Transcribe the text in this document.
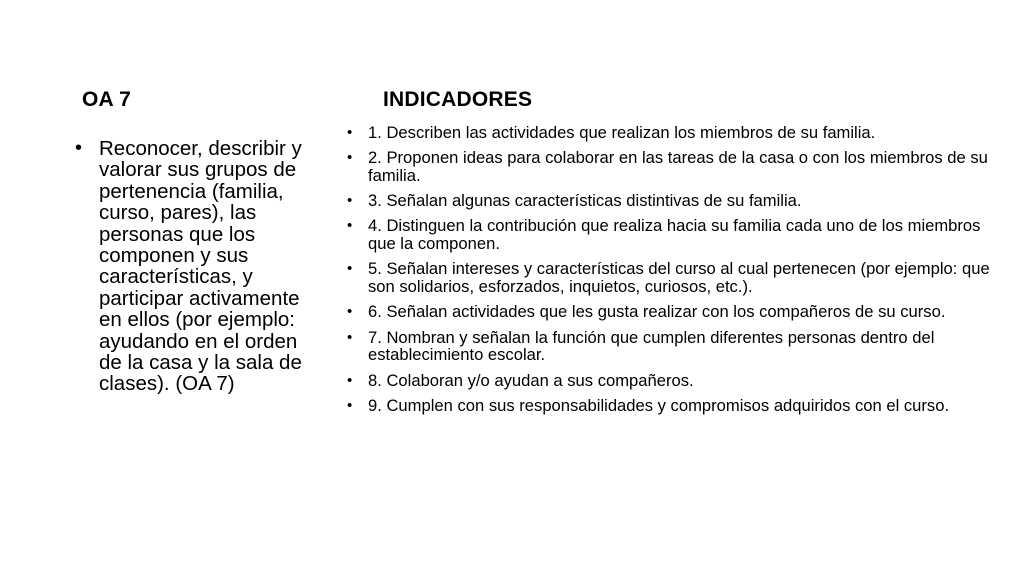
OA 7	INDICADORES
• Reconocer, describir y valorar sus grupos de pertenencia (familia, curso, pares), las personas que los componen y sus características, y participar activamente en ellos (por ejemplo: ayudando en el orden de la casa y la sala de clases). (OA 7)
• 1. Describen las actividades que realizan los miembros de su familia.
• 2. Proponen ideas para colaborar en las tareas de la casa o con los miembros de su familia.
• 3. Señalan algunas características distintivas de su familia.
• 4. Distinguen la contribución que realiza hacia su familia cada uno de los miembros que la componen.
• 5. Señalan intereses y características del curso al cual pertenecen (por ejemplo: que son solidarios, esforzados, inquietos, curiosos, etc.).
• 6. Señalan actividades que les gusta realizar con los compañeros de su curso.
• 7. Nombran y señalan la función que cumplen diferentes personas dentro del establecimiento escolar.
• 8. Colaboran y/o ayudan a sus compañeros.
• 9. Cumplen con sus responsabilidades y compromisos adquiridos con el curso.
